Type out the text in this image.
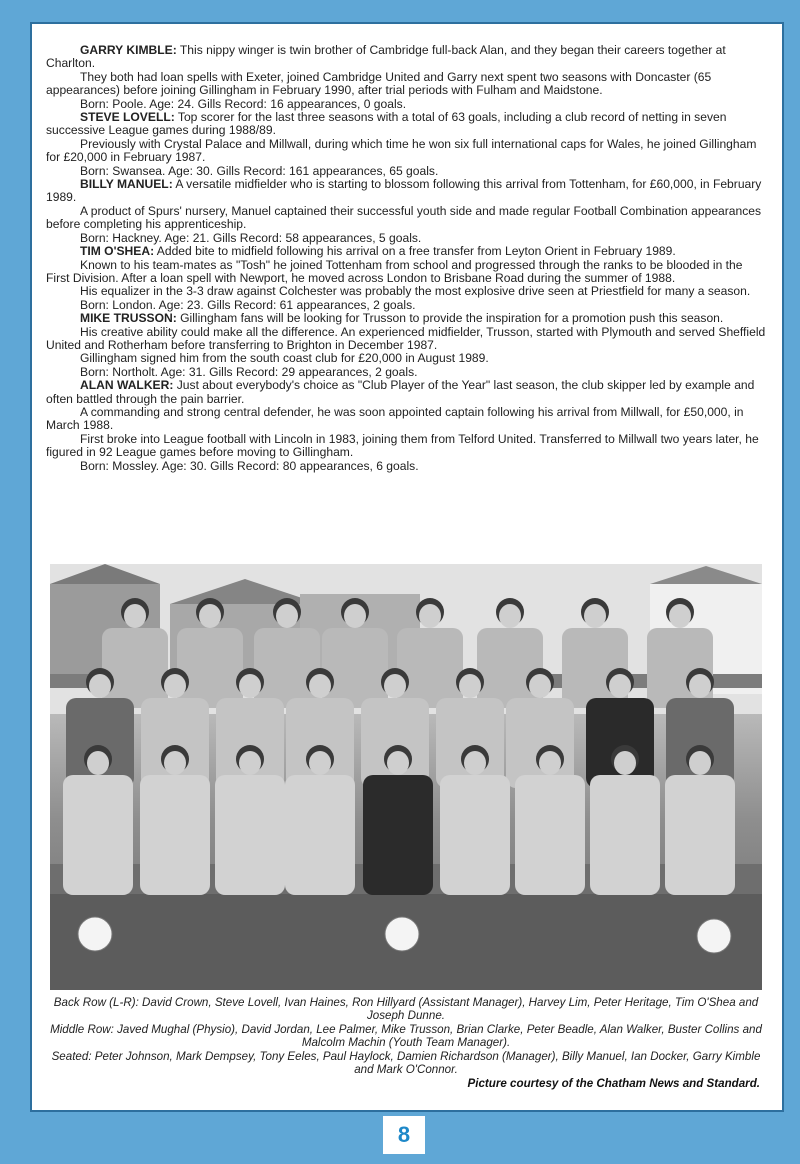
GARRY KIMBLE: This nippy winger is twin brother of Cambridge full-back Alan, and they began their careers together at Charlton.

They both had loan spells with Exeter, joined Cambridge United and Garry next spent two seasons with Doncaster (65 appearances) before joining Gillingham in February 1990, after trial periods with Fulham and Maidstone.

Born: Poole. Age: 24. Gills Record: 16 appearances, 0 goals.

STEVE LOVELL: Top scorer for the last three seasons with a total of 63 goals, including a club record of netting in seven successive League games during 1988/89.

Previously with Crystal Palace and Millwall, during which time he won six full international caps for Wales, he joined Gillingham for £20,000 in February 1987.

Born: Swansea. Age: 30. Gills Record: 161 appearances, 65 goals.

BILLY MANUEL: A versatile midfielder who is starting to blossom following this arrival from Tottenham, for £60,000, in February 1989.

A product of Spurs' nursery, Manuel captained their successful youth side and made regular Football Combination appearances before completing his apprenticeship.

Born: Hackney. Age: 21. Gills Record: 58 appearances, 5 goals.

TIM O'SHEA: Added bite to midfield following his arrival on a free transfer from Leyton Orient in February 1989.

Known to his team-mates as "Tosh" he joined Tottenham from school and progressed through the ranks to be blooded in the First Division. After a loan spell with Newport, he moved across London to Brisbane Road during the summer of 1988.

His equalizer in the 3-3 draw against Colchester was probably the most explosive drive seen at Priestfield for many a season.

Born: London. Age: 23. Gills Record: 61 appearances, 2 goals.

MIKE TRUSSON: Gillingham fans will be looking for Trusson to provide the inspiration for a promotion push this season.

His creative ability could make all the difference. An experienced midfielder, Trusson, started with Plymouth and served Sheffield United and Rotherham before transferring to Brighton in December 1987.

Gillingham signed him from the south coast club for £20,000 in August 1989.

Born: Northolt. Age: 31. Gills Record: 29 appearances, 2 goals.

ALAN WALKER: Just about everybody's choice as "Club Player of the Year" last season, the club skipper led by example and often battled through the pain barrier.

A commanding and strong central defender, he was soon appointed captain following his arrival from Millwall, for £50,000, in March 1988.

First broke into League football with Lincoln in 1983, joining them from Telford United. Transferred to Millwall two years later, he figured in 92 League games before moving to Gillingham.

Born: Mossley. Age: 30. Gills Record: 80 appearances, 6 goals.

Back Row (L-R): David Crown, Steve Lovell, Ivan Haines, Ron Hillyard (Assistant Manager), Harvey Lim, Peter Heritage, Tim O'Shea and Joseph Dunne.

Middle Row: Javed Mughal (Physio), David Jordan, Lee Palmer, Mike Trusson, Brian Clarke, Peter Beadle, Alan Walker, Buster Collins and Malcolm Machin (Youth Team Manager).

Seated: Peter Johnson, Mark Dempsey, Tony Eeles, Paul Haylock, Damien Richardson (Manager), Billy Manuel, Ian Docker, Garry Kimble and Mark O'Connor.

Picture courtesy of the Chatham News and Standard.
8
